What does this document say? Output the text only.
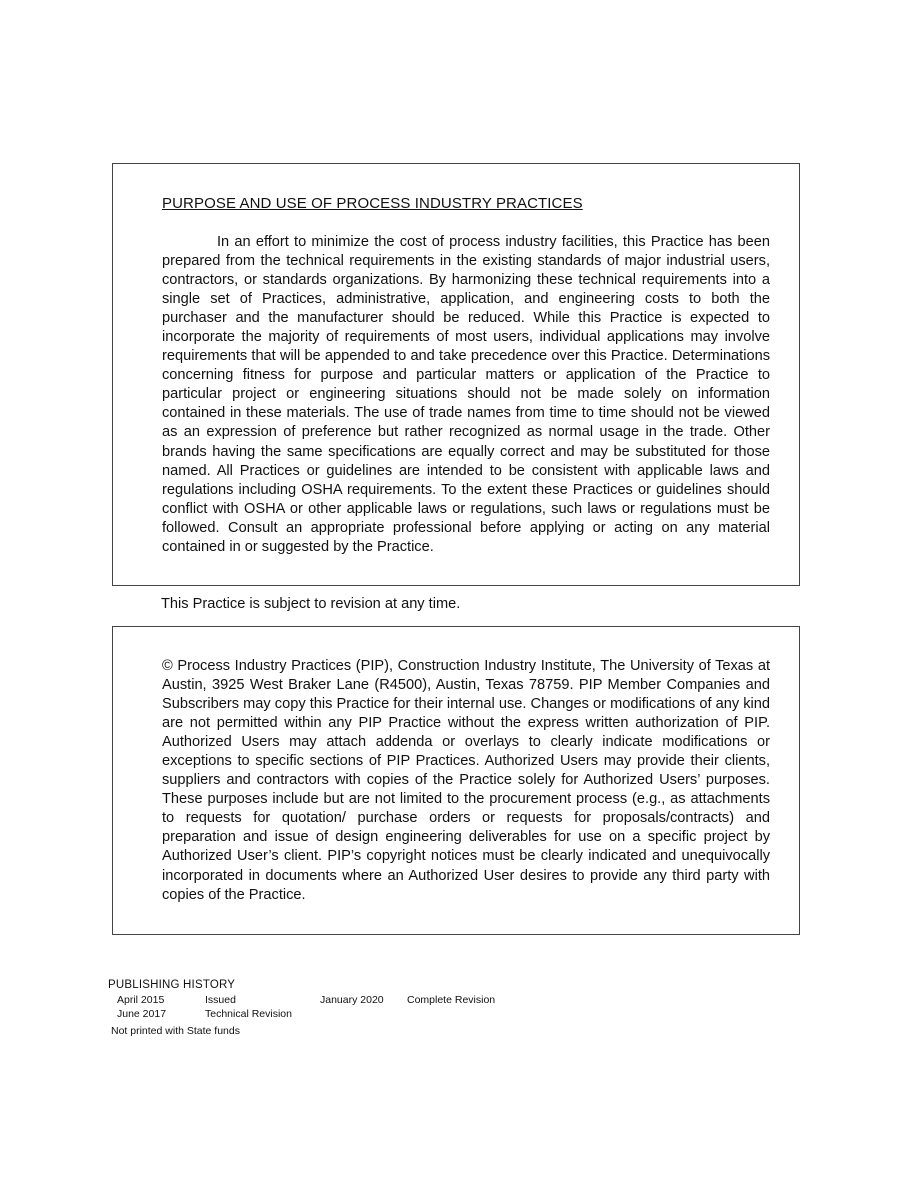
PURPOSE AND USE OF PROCESS INDUSTRY PRACTICES

In an effort to minimize the cost of process industry facilities, this Practice has been prepared from the technical requirements in the existing standards of major industrial users, contractors, or standards organizations. By harmonizing these technical requirements into a single set of Practices, administrative, application, and engineering costs to both the purchaser and the manufacturer should be reduced. While this Practice is expected to incorporate the majority of requirements of most users, individual applications may involve requirements that will be appended to and take precedence over this Practice. Determinations concerning fitness for purpose and particular matters or application of the Practice to particular project or engineering situations should not be made solely on information contained in these materials. The use of trade names from time to time should not be viewed as an expression of preference but rather recognized as normal usage in the trade. Other brands having the same specifications are equally correct and may be substituted for those named. All Practices or guidelines are intended to be consistent with applicable laws and regulations including OSHA requirements. To the extent these Practices or guidelines should conflict with OSHA or other applicable laws or regulations, such laws or regulations must be followed. Consult an appropriate professional before applying or acting on any material contained in or suggested by the Practice.

This Practice is subject to revision at any time.

© Process Industry Practices (PIP), Construction Industry Institute, The University of Texas at Austin, 3925 West Braker Lane (R4500), Austin, Texas 78759. PIP Member Companies and Subscribers may copy this Practice for their internal use. Changes or modifications of any kind are not permitted within any PIP Practice without the express written authorization of PIP. Authorized Users may attach addenda or overlays to clearly indicate modifications or exceptions to specific sections of PIP Practices. Authorized Users may provide their clients, suppliers and contractors with copies of the Practice solely for Authorized Users’ purposes. These purposes include but are not limited to the procurement process (e.g., as attachments to requests for quotation/ purchase orders or requests for proposals/contracts) and preparation and issue of design engineering deliverables for use on a specific project by Authorized User’s client. PIP’s copyright notices must be clearly indicated and unequivocally incorporated in documents where an Authorized User desires to provide any third party with copies of the Practice.

PUBLISHING HISTORY
April 2015	Issued
June 2017	Technical Revision
January 2020 Complete Revision
Not printed with State funds
